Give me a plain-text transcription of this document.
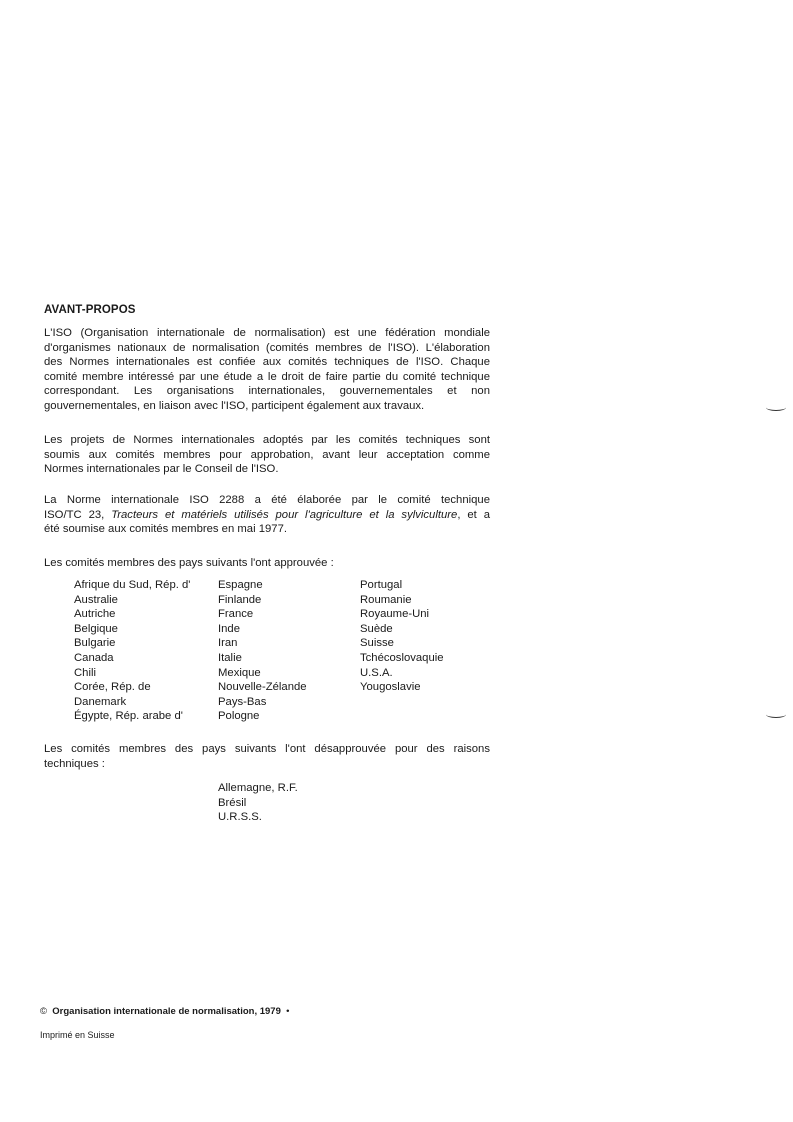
AVANT-PROPOS

L'ISO (Organisation internationale de normalisation) est une fédération mondiale
d'organismes nationaux de normalisation (comités membres de l'ISO). L'élaboration
des Normes internationales est confiée aux comités techniques de l'ISO. Chaque
comité membre intéressé par une étude a le droit de faire partie du comité technique
correspondant. Les organisations internationales, gouvernementales et non
gouvernementales, en liaison avec l'ISO, participent également aux travaux.

Les projets de Normes internationales adoptés par les comités techniques sont
soumis aux comités membres pour approbation, avant leur acceptation comme
Normes internationales par le Conseil de l'ISO.

La Norme internationale ISO 2288 a été élaborée par le comité technique
ISO/TC 23, Tracteurs et matériels utilisés pour l'agriculture et la sylviculture, et a
été soumise aux comités membres en mai 1977.

Les comités membres des pays suivants l'ont approuvée :

Afrique du Sud, Rép. d'
Australie
Autriche
Belgique
Bulgarie
Canada
Chili
Corée, Rép. de
Danemark
Égypte, Rép. arabe d'
Espagne
Finlande
France
Inde
Iran
Italie
Mexique
Nouvelle-Zélande
Pays-Bas
Pologne
Portugal
Roumanie
Royaume-Uni
Suède
Suisse
Tchécoslovaquie
U.S.A.
Yougoslavie

Les comités membres des pays suivants l'ont désapprouvée pour des raisons
techniques :

Allemagne, R.F.
Brésil
U.R.S.S.
© Organisation internationale de normalisation, 1979 •
Imprimé en Suisse
